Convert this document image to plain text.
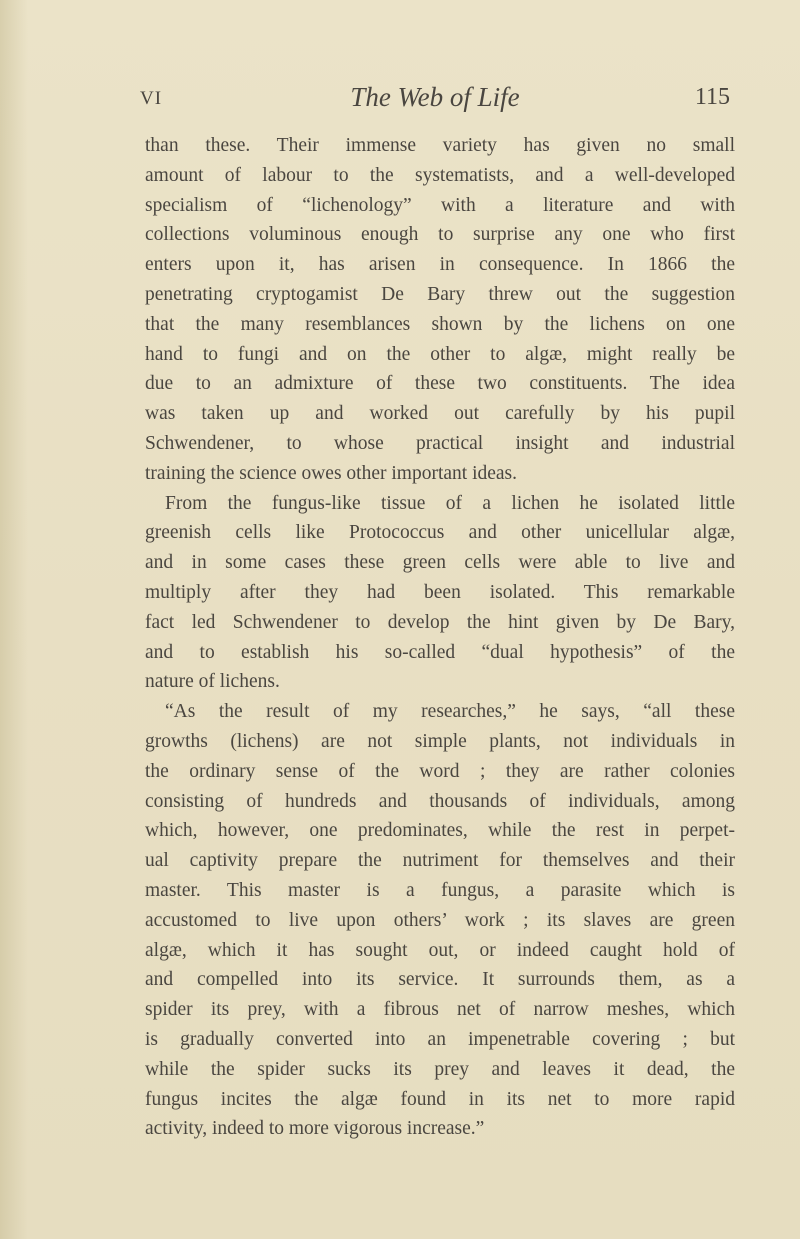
VI	The Web of Life	115
than these. Their immense variety has given no small
amount of labour to the systematists, and a well-developed
specialism of “lichenology” with a literature and with
collections voluminous enough to surprise any one who first
enters upon it, has arisen in consequence. In 1866 the
penetrating cryptogamist De Bary threw out the suggestion
that the many resemblances shown by the lichens on one
hand to fungi and on the other to algæ, might really be
due to an admixture of these two constituents. The idea
was taken up and worked out carefully by his pupil
Schwendener, to whose practical insight and industrial
training the science owes other important ideas.
From the fungus-like tissue of a lichen he isolated little
greenish cells like Protococcus and other unicellular algæ,
and in some cases these green cells were able to live and
multiply after they had been isolated. This remarkable
fact led Schwendener to develop the hint given by De Bary,
and to establish his so-called “dual hypothesis” of the
nature of lichens.
“As the result of my researches,” he says, “all these
growths (lichens) are not simple plants, not individuals in
the ordinary sense of the word ; they are rather colonies
consisting of hundreds and thousands of individuals, among
which, however, one predominates, while the rest in perpet-
ual captivity prepare the nutriment for themselves and their
master. This master is a fungus, a parasite which is
accustomed to live upon others’ work ; its slaves are green
algæ, which it has sought out, or indeed caught hold of
and compelled into its service. It surrounds them, as a
spider its prey, with a fibrous net of narrow meshes, which
is gradually converted into an impenetrable covering ; but
while the spider sucks its prey and leaves it dead, the
fungus incites the algæ found in its net to more rapid
activity, indeed to more vigorous increase.”
